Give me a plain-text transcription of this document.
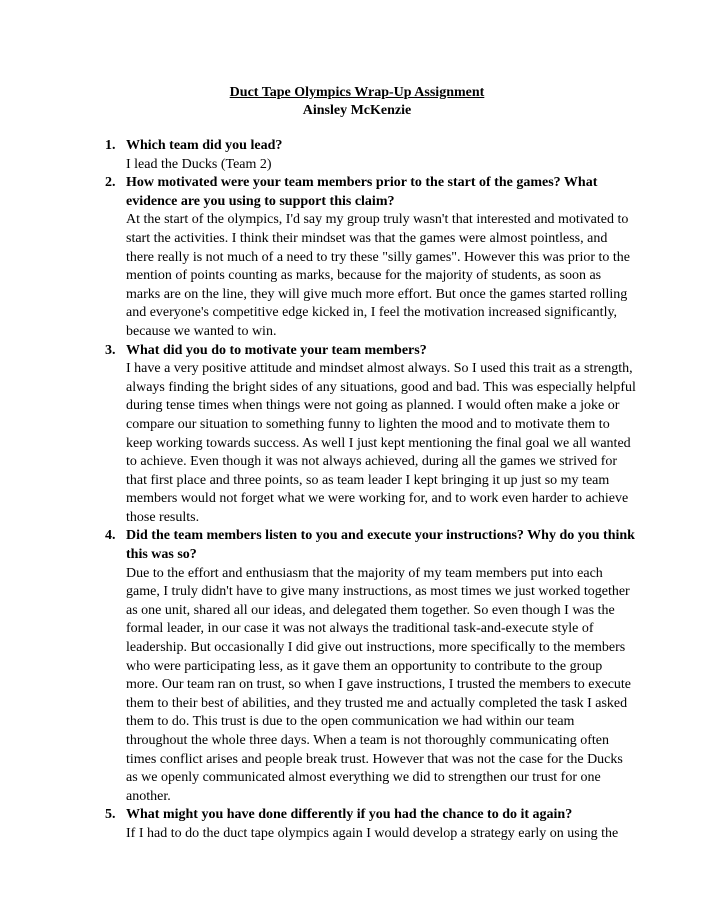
Duct Tape Olympics Wrap-Up Assignment

Ainsley McKenzie

1. Which team did you lead?

I lead the Ducks (Team 2)

2. How motivated were your team members prior to the start of the games? What evidence are you using to support this claim?

At the start of the olympics, I'd say my group truly wasn't that interested and motivated to start the activities. I think their mindset was that the games were almost pointless, and there really is not much of a need to try these "silly games". However this was prior to the mention of points counting as marks, because for the majority of students, as soon as marks are on the line, they will give much more effort. But once the games started rolling and everyone's competitive edge kicked in, I feel the motivation increased significantly, because we wanted to win.

3. What did you do to motivate your team members?

I have a very positive attitude and mindset almost always. So I used this trait as a strength, always finding the bright sides of any situations, good and bad. This was especially helpful during tense times when things were not going as planned. I would often make a joke or compare our situation to something funny to lighten the mood and to motivate them to keep working towards success. As well I just kept mentioning the final goal we all wanted to achieve. Even though it was not always achieved, during all the games we strived for that first place and three points, so as team leader I kept bringing it up just so my team members would not forget what we were working for, and to work even harder to achieve those results.

4. Did the team members listen to you and execute your instructions? Why do you think this was so?

Due to the effort and enthusiasm that the majority of my team members put into each game, I truly didn't have to give many instructions, as most times we just worked together as one unit, shared all our ideas, and delegated them together. So even though I was the formal leader, in our case it was not always the traditional task-and-execute style of leadership. But occasionally I did give out instructions, more specifically to the members who were participating less, as it gave them an opportunity to contribute to the group more. Our team ran on trust, so when I gave instructions, I trusted the members to execute them to their best of abilities, and they trusted me and actually completed the task I asked them to do. This trust is due to the open communication we had within our team throughout the whole three days. When a team is not thoroughly communicating often times conflict arises and people break trust. However that was not the case for the Ducks as we openly communicated almost everything we did to strengthen our trust for one another.

5. What might you have done differently if you had the chance to do it again?

If I had to do the duct tape olympics again I would develop a strategy early on using the
